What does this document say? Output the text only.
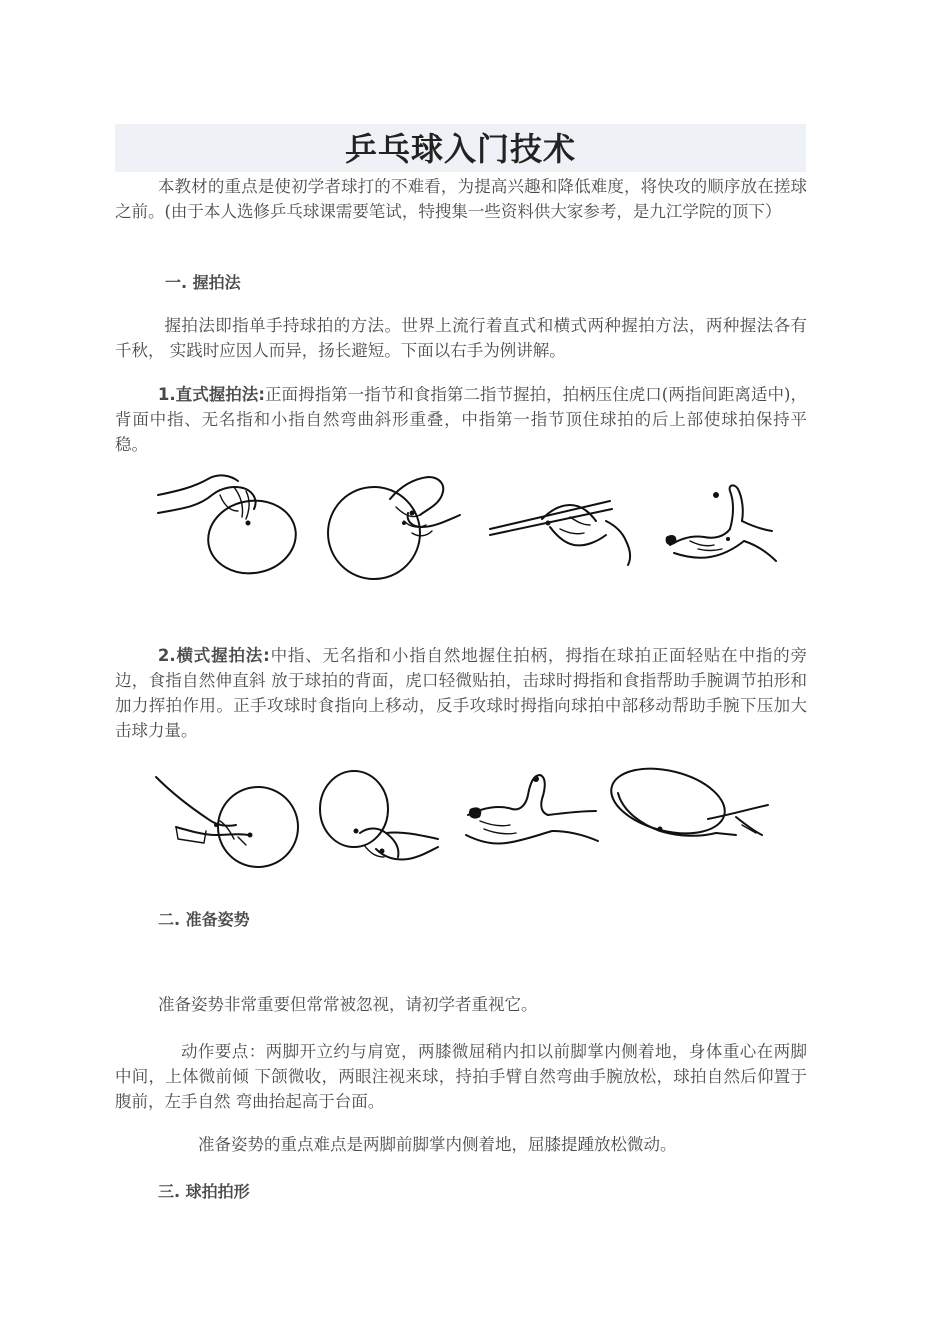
乒乓球入门技术

本教材的重点是使初学者球打的不难看，为提高兴趣和降低难度，将快攻的顺序放在搓球之前。(由于本人选修乒乓球课需要笔试，特搜集一些资料供大家参考，是九江学院的顶下）

一. 握拍法

握拍法即指单手持球拍的方法。世界上流行着直式和横式两种握拍方法，两种握法各有千秋， 实践时应因人而异，扬长避短。下面以右手为例讲解。

1.直式握拍法:正面拇指第一指节和食指第二指节握拍，拍柄压住虎口(两指间距离适中)，背面中指、无名指和小指自然弯曲斜形重叠，中指第一指节顶住球拍的后上部使球拍保持平稳。

2.横式握拍法:中指、无名指和小指自然地握住拍柄，拇指在球拍正面轻贴在中指的旁边，食指自然伸直斜 放于球拍的背面，虎口轻微贴拍，击球时拇指和食指帮助手腕调节拍形和加力挥拍作用。正手攻球时食指向上移动，反手攻球时拇指向球拍中部移动帮助手腕下压加大击球力量。

二. 准备姿势

准备姿势非常重要但常常被忽视，请初学者重视它。

动作要点：两脚开立约与肩宽，两膝微屈稍内扣以前脚掌内侧着地，身体重心在两脚中间，上体微前倾 下颌微收，两眼注视来球，持拍手臂自然弯曲手腕放松，球拍自然后仰置于腹前，左手自然 弯曲抬起高于台面。

准备姿势的重点难点是两脚前脚掌内侧着地，屈膝提踵放松微动。

三. 球拍拍形
